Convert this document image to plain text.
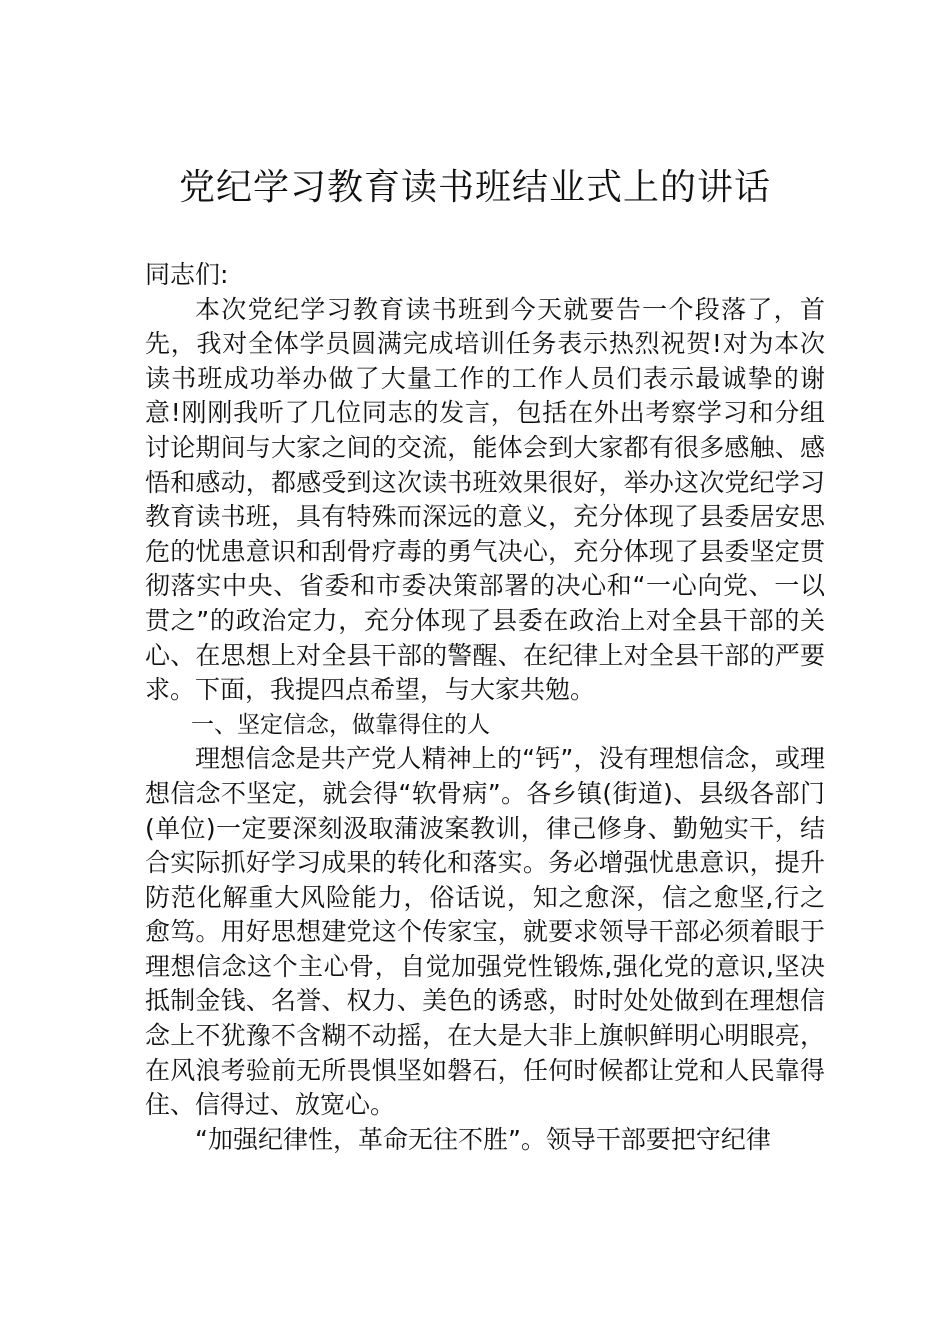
党纪学习教育读书班结业式上的讲话

同志们:

本次党纪学习教育读书班到今天就要告一个段落了，首先，我对全体学员圆满完成培训任务表示热烈祝贺!对为本次读书班成功举办做了大量工作的工作人员们表示最诚挚的谢意!刚刚我听了几位同志的发言，包括在外出考察学习和分组讨论期间与大家之间的交流，能体会到大家都有很多感触、感悟和感动，都感受到这次读书班效果很好，举办这次党纪学习教育读书班，具有特殊而深远的意义，充分体现了县委居安思危的忧患意识和刮骨疗毒的勇气决心，充分体现了县委坚定贯彻落实中央、省委和市委决策部署的决心和“一心向党、一以贯之”的政治定力，充分体现了县委在政治上对全县干部的关心、在思想上对全县干部的警醒、在纪律上对全县干部的严要求。下面，我提四点希望，与大家共勉。

一、坚定信念，做靠得住的人

理想信念是共产党人精神上的“钙”，没有理想信念，或理想信念不坚定，就会得“软骨病”。各乡镇(街道)、县级各部门(单位)一定要深刻汲取蒲波案教训，律己修身、勤勉实干，结合实际抓好学习成果的转化和落实。务必增强忧患意识，提升防范化解重大风险能力，俗话说，知之愈深，信之愈坚,行之愈笃。用好思想建党这个传家宝，就要求领导干部必须着眼于理想信念这个主心骨，自觉加强党性锻炼,强化党的意识,坚决抵制金钱、名誉、权力、美色的诱惑，时时处处做到在理想信念上不犹豫不含糊不动摇，在大是大非上旗帜鲜明心明眼亮，在风浪考验前无所畏惧坚如磐石，任何时候都让党和人民靠得住、信得过、放宽心。

“加强纪律性，革命无往不胜”。领导干部要把守纪律
